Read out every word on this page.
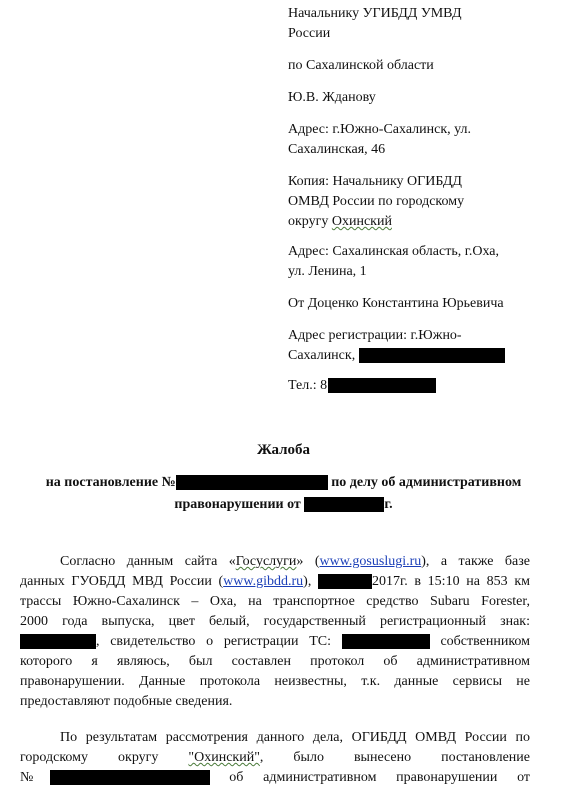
Начальнику УГИБДД УМВД
России

по Сахалинской области

Ю.В. Жданову

Адрес: г.Южно-Сахалинск, ул.
Сахалинская, 46

Копия: Начальнику ОГИБДД
ОМВД России по городскому
округу Охинский

Адрес: Сахалинская область, г.Оха,
ул. Ленина, 1

От Доценко Константина Юрьевича

Адрес регистрации: г.Южно-
Сахалинск,

Тел.: 8

Жалоба

на постановление №	по делу об административном
правонарушении от	г.

Согласно данным сайта «Госуслуги» (www.gosuslugi.ru), а также базе
данных ГУОБДД МВД России (www.gibdd.ru),	2017г. в 15:10 на 853 км
трассы Южно-Сахалинск – Оха, на транспортное средство Subaru Forester,
2000 года выпуска, цвет белый, государственный регистрационный знак:
, свидетельство о регистрации ТС:	собственником
которого я являюсь, был составлен протокол об административном
правонарушении. Данные протокола неизвестны, т.к. данные сервисы не
предоставляют подобные сведения.
По результатам рассмотрения данного дела, ОГИБДД ОМВД России по
городскому округу "Охинский", было вынесено постановление
№	об административном правонарушении от
